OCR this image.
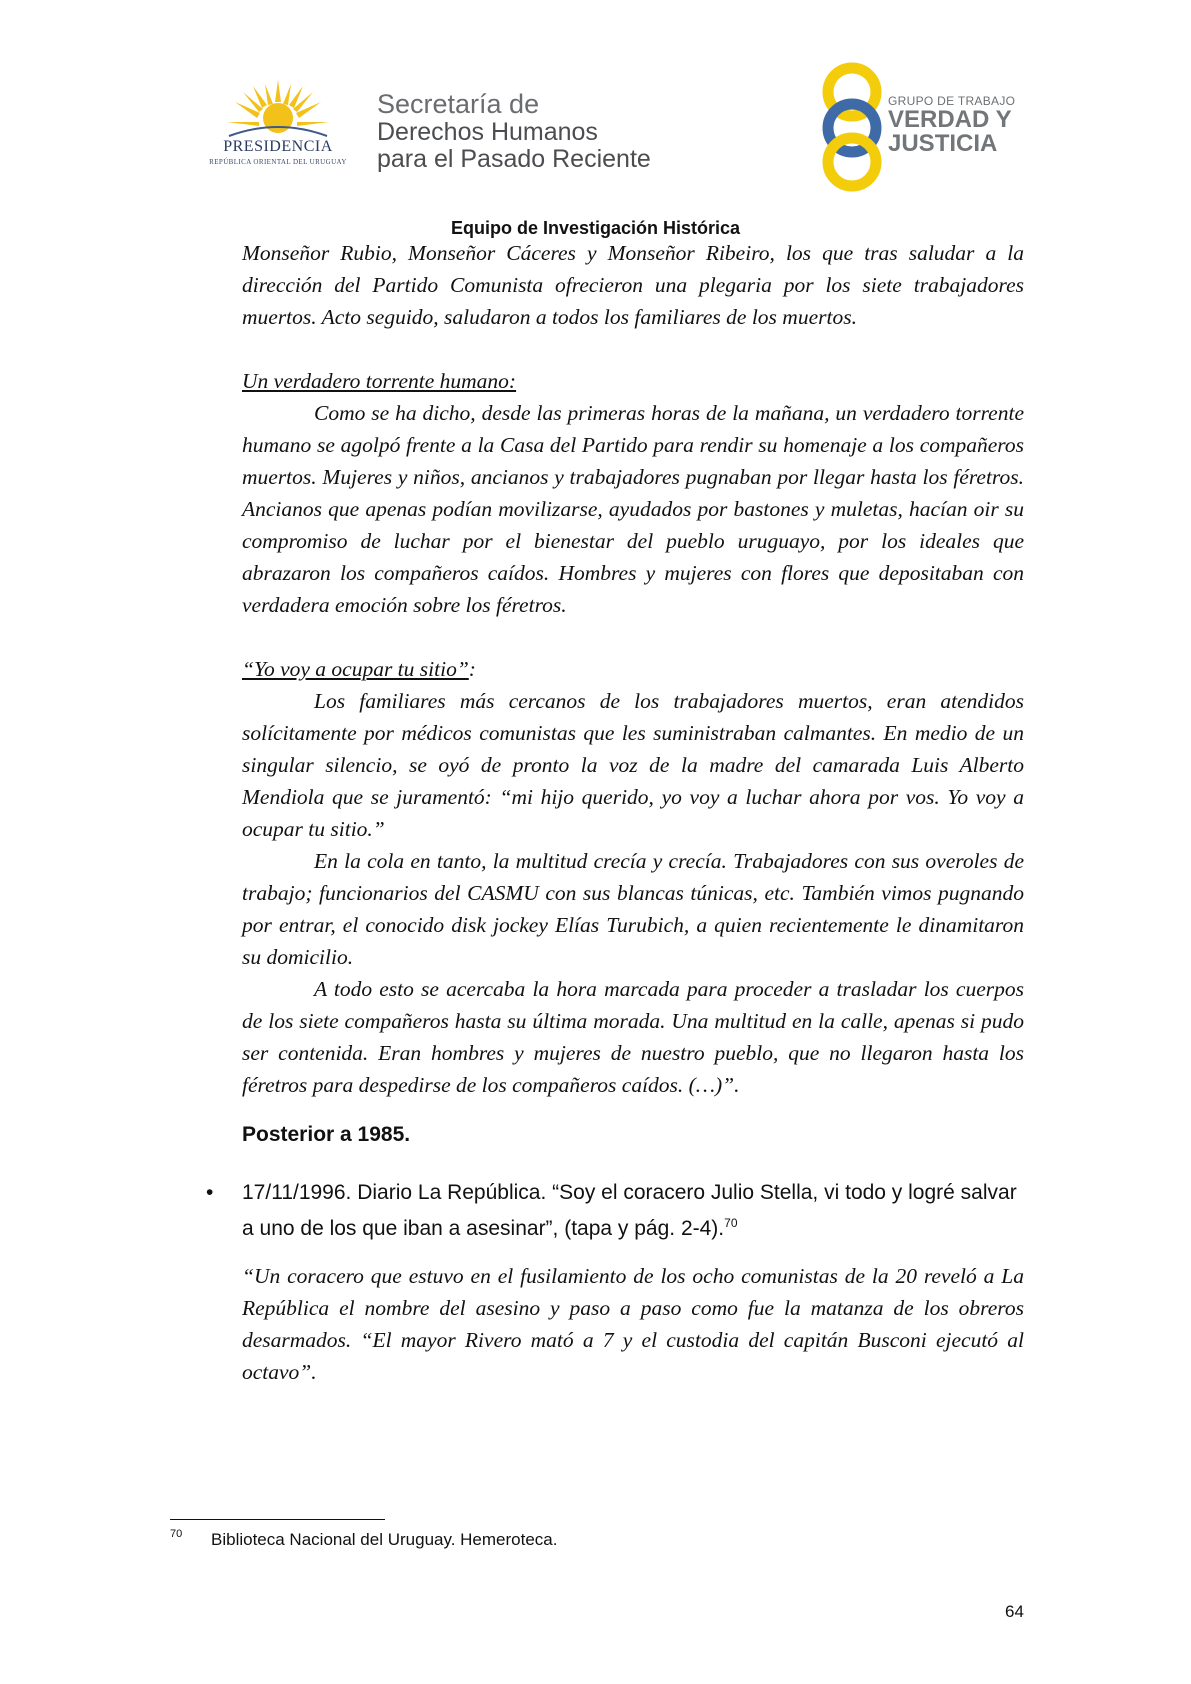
PRESIDENCIA
REPÚBLICA ORIENTAL DEL URUGUAY
Secretaría de
Derechos Humanos
para el Pasado Reciente
GRUPO DE TRABAJO
VERDAD Y
JUSTICIA
Equipo de Investigación Histórica

Monseñor Rubio, Monseñor Cáceres y Monseñor Ribeiro, los que tras saludar a la dirección del Partido Comunista ofrecieron una plegaria por los siete trabajadores muertos. Acto seguido, saludaron a todos los familiares de los muertos.

Un verdadero torrente humano:

Como se ha dicho, desde las primeras horas de la mañana, un verdadero torrente humano se agolpó frente a la Casa del Partido para rendir su homenaje a los compañeros muertos. Mujeres y niños, ancianos y trabajadores pugnaban por llegar hasta los féretros. Ancianos que apenas podían movilizarse, ayudados por bastones y muletas, hacían oir su compromiso de luchar por el bienestar del pueblo uruguayo, por los ideales que abrazaron los compañeros caídos. Hombres y mujeres con flores que depositaban con verdadera emoción sobre los féretros.

“Yo voy a ocupar tu sitio”:

Los familiares más cercanos de los trabajadores muertos, eran atendidos solícitamente por médicos comunistas que les suministraban calmantes. En medio de un singular silencio, se oyó de pronto la voz de la madre del camarada Luis Alberto Mendiola que se juramentó: “mi hijo querido, yo voy a luchar ahora por vos. Yo voy a ocupar tu sitio.”

En la cola en tanto, la multitud crecía y crecía. Trabajadores con sus overoles de trabajo; funcionarios del CASMU con sus blancas túnicas, etc. También vimos pugnando por entrar, el conocido disk jockey Elías Turubich, a quien recientemente le dinamitaron su domicilio.

A todo esto se acercaba la hora marcada para proceder a trasladar los cuerpos de los siete compañeros hasta su última morada. Una multitud en la calle, apenas si pudo ser contenida. Eran hombres y mujeres de nuestro pueblo, que no llegaron hasta los féretros para despedirse de los compañeros caídos. (…)”.

Posterior a 1985.
• 17/11/1996. Diario La República. “Soy el coracero Julio Stella, vi todo y logré salvar a uno de los que iban a asesinar”, (tapa y pág. 2-4).$^{70}$

“Un coracero que estuvo en el fusilamiento de los ocho comunistas de la 20 reveló a La República el nombre del asesino y paso a paso como fue la matanza de los obreros desarmados. “El mayor Rivero mató a 7 y el custodia del capitán Busconi ejecutó al octavo”.

70 Biblioteca Nacional del Uruguay. Hemeroteca.
64
